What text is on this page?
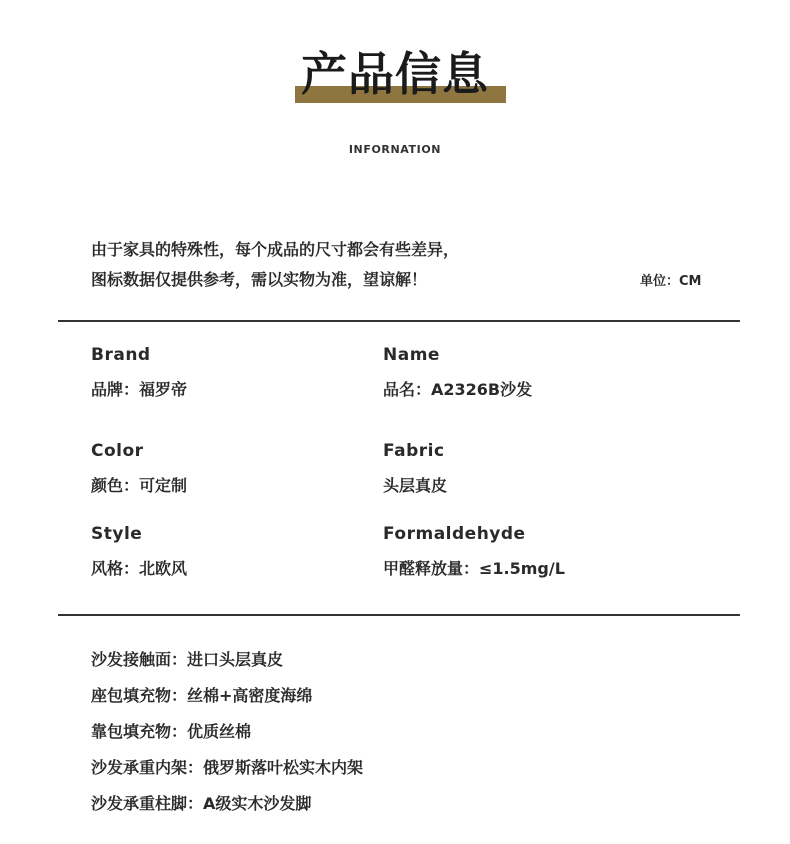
产品信息
INFORNATION
由于家具的特殊性，每个成品的尺寸都会有些差异，
图标数据仅提供参考，需以实物为准，望谅解！	单位：CM
Brand
品牌：福罗帝
Name
品名：A2326B沙发
Color
颜色：可定制
Fabric
头层真皮
Style
风格：北欧风
Formaldehyde
甲醛释放量：≤1.5mg/L
沙发接触面：进口头层真皮
座包填充物：丝棉+高密度海绵
靠包填充物：优质丝棉
沙发承重内架：俄罗斯落叶松实木内架
沙发承重柱脚：A级实木沙发脚
